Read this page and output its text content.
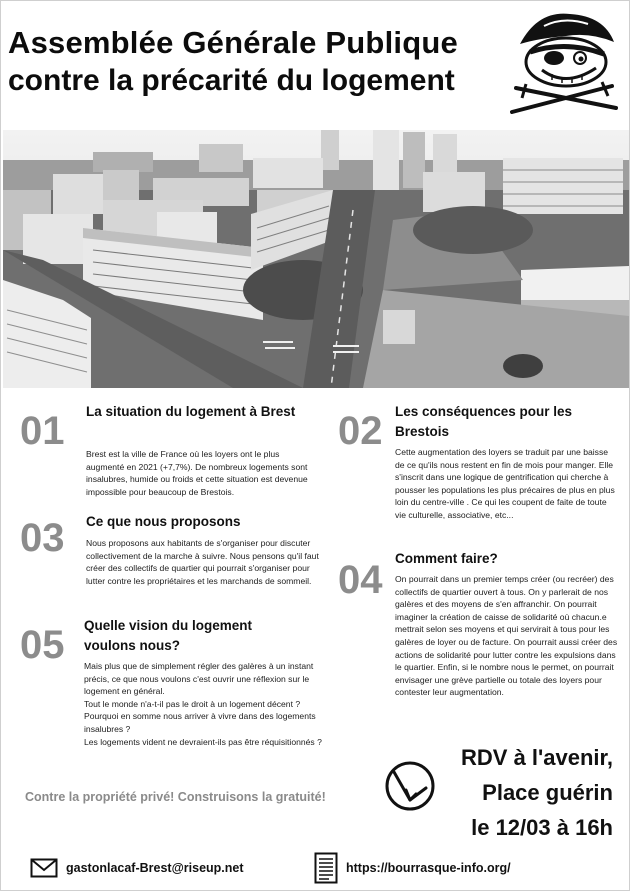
Assemblée Générale Publique
contre la précarité du logement
01 La situation du logement à Brest
Brest est la ville de France où les loyers ont le plus augmenté en 2021 (+7,7%). De nombreux logements sont insalubres, humide ou froids et cette situation est devenue impossible pour beaucoup de Brestois.
02 Les conséquences pour les Brestois
Cette augmentation des loyers se traduit par une baisse de ce qu'ils nous restent en fin de mois pour manger. Elle s'inscrit dans une logique de gentrification qui cherche à pousser les populations les plus précaires de plus en plus loin du centre-ville . Ce qui les coupent de faite de toute vie culturelle, associative, etc...
03 Ce que nous proposons
Nous proposons aux habitants de s'organiser pour discuter collectivement de la marche à suivre. Nous pensons qu'il faut créer des collectifs de quartier qui pourrait s'organiser pour lutter contre les propriétaires et les marchands de sommeil. 04 Comment faire?
On pourrait dans un premier temps créer (ou recréer) des collectifs de quartier ouvert à tous. On y parlerait de nos galères et des moyens de s'en affranchir. On pourrait imaginer la création de caisse de solidarité où chacun.e mettrait selon ses moyens et qui servirait à tous pour les galères de loyer ou de facture. On pourrait aussi créer des actions de solidarité pour lutter contre les expulsions dans le quartier. Enfin, si le nombre nous le permet, on pourrait envisager une grève partielle ou totale des loyers pour contester leur augmentation.
05 Quelle vision du logement voulons nous?
Mais plus que de simplement régler des galères à un instant précis, ce que nous voulons c'est ouvrir une réflexion sur le logement en général.
Tout le monde n'a-t-il pas le droit à un logement décent ?
Pourquoi en somme nous arriver à vivre dans des logements insalubres ?
Les logements vident ne devraient-ils pas être réquisitionnés ?
RDV à l'avenir,
Place guérin
le 12/03 à 16h
Contre la propriété privé! Construisons la gratuité!
gastonlacaf-Brest@riseup.net	https://bourrasque-info.org/
